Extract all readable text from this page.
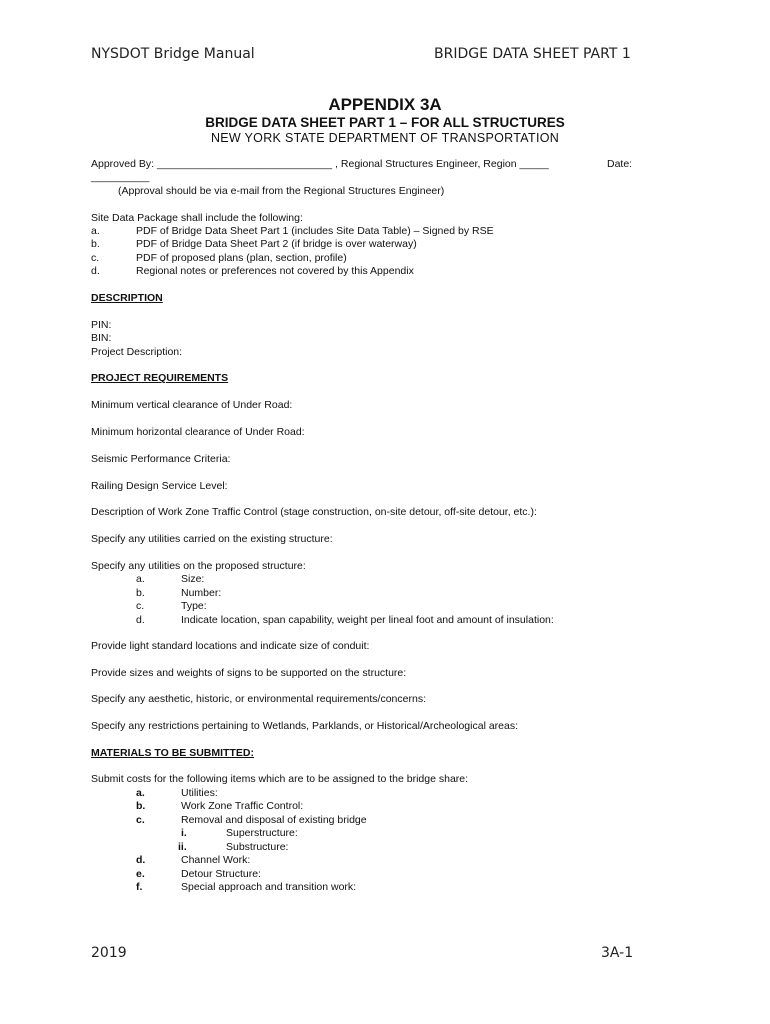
NYSDOT Bridge Manual	BRIDGE DATA SHEET PART 1
APPENDIX 3A
BRIDGE DATA SHEET PART 1 – FOR ALL STRUCTURES
NEW YORK STATE DEPARTMENT OF TRANSPORTATION
Approved By: ______________________________ , Regional Structures Engineer, Region _____	Date:
__________
(Approval should be via e-mail from the Regional Structures Engineer)
Site Data Package shall include the following:
a.	PDF of Bridge Data Sheet Part 1 (includes Site Data Table) – Signed by RSE
b.	PDF of Bridge Data Sheet Part 2 (if bridge is over waterway)
c.	PDF of proposed plans (plan, section, profile)
d.	Regional notes or preferences not covered by this Appendix
DESCRIPTION
PIN:
BIN:
Project Description:
PROJECT REQUIREMENTS
Minimum vertical clearance of Under Road:
Minimum horizontal clearance of Under Road:
Seismic Performance Criteria:
Railing Design Service Level:
Description of Work Zone Traffic Control (stage construction, on-site detour, off-site detour, etc.):
Specify any utilities carried on the existing structure:
Specify any utilities on the proposed structure:
a.	Size:
b.	Number:
c.	Type:
d.	Indicate location, span capability, weight per lineal foot and amount of insulation:
Provide light standard locations and indicate size of conduit:
Provide sizes and weights of signs to be supported on the structure:
Specify any aesthetic, historic, or environmental requirements/concerns:
Specify any restrictions pertaining to Wetlands, Parklands, or Historical/Archeological areas:
MATERIALS TO BE SUBMITTED:
Submit costs for the following items which are to be assigned to the bridge share:
a.	Utilities:
b.	Work Zone Traffic Control:
c.	Removal and disposal of existing bridge
i.	Superstructure:
ii.	Substructure:
d.	Channel Work:
e.	Detour Structure:
f.	Special approach and transition work:
2019	3A-1
